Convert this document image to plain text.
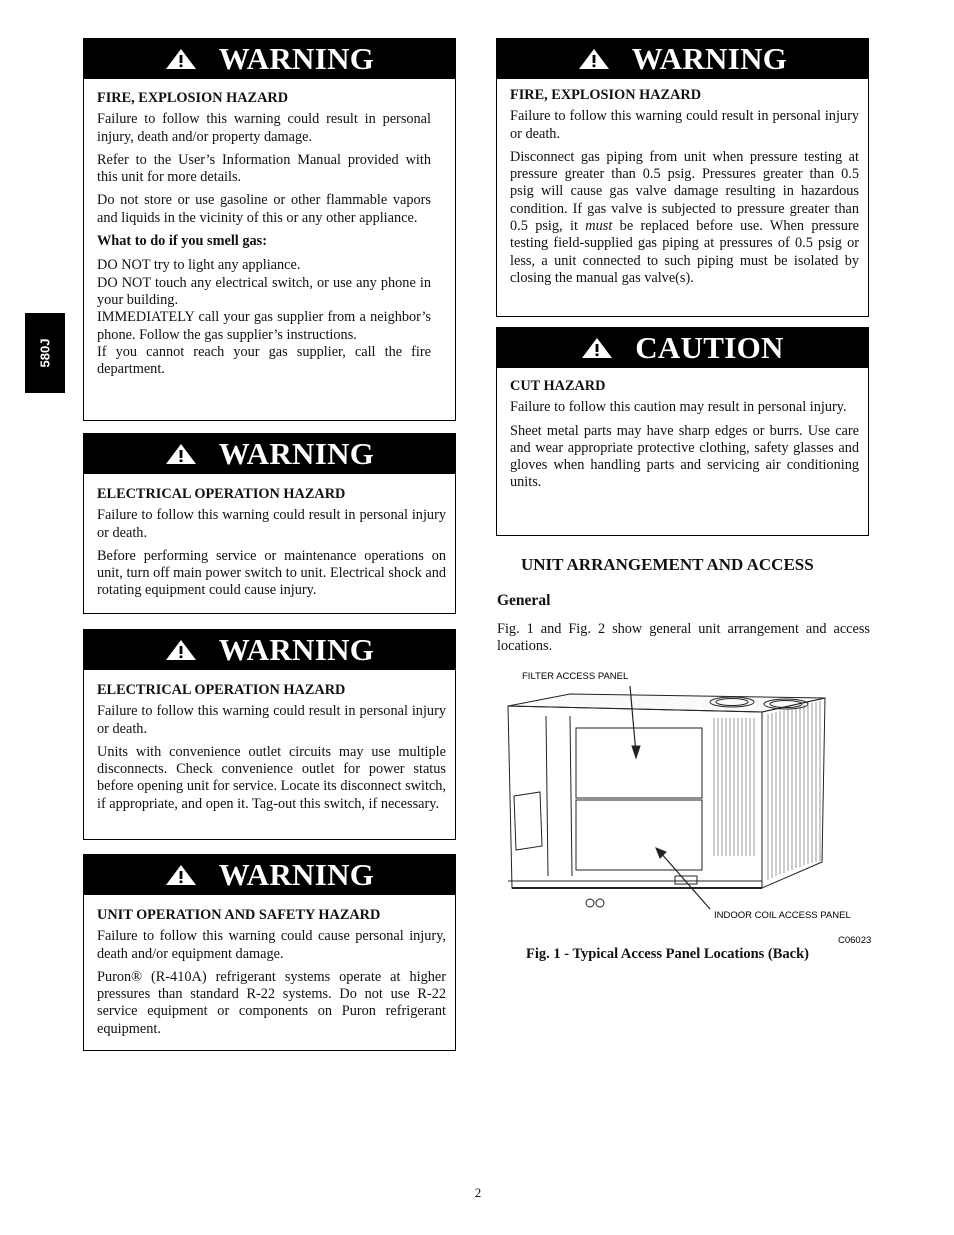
580J
WARNING

FIRE, EXPLOSION HAZARD

Failure to follow this warning could result in personal injury, death and/or property damage.

Refer to the User’s Information Manual provided with this unit for more details.

Do not store or use gasoline or other flammable vapors and liquids in the vicinity of this or any other appliance.

What to do if you smell gas:

DO NOT try to light any appliance.
DO NOT touch any electrical switch, or use any phone in your building.
IMMEDIATELY call your gas supplier from a neighbor’s phone. Follow the gas supplier’s instructions.
If you cannot reach your gas supplier, call the fire department.
WARNING

ELECTRICAL OPERATION HAZARD

Failure to follow this warning could result in personal injury or death.

Before performing service or maintenance operations on unit, turn off main power switch to unit. Electrical shock and rotating equipment could cause injury.

WARNING

ELECTRICAL OPERATION HAZARD

Failure to follow this warning could result in personal injury or death.

Units with convenience outlet circuits may use multiple disconnects. Check convenience outlet for power status before opening unit for service. Locate its disconnect switch, if appropriate, and open it. Tag-out this switch, if necessary.

WARNING

UNIT OPERATION AND SAFETY HAZARD

Failure to follow this warning could cause personal injury, death and/or equipment damage.

Puron® (R-410A) refrigerant systems operate at higher pressures than standard R-22 systems. Do not use R-22 service equipment or components on Puron refrigerant equipment.

WARNING

FIRE, EXPLOSION HAZARD

Failure to follow this warning could result in personal injury or death.

Disconnect gas piping from unit when pressure testing at pressure greater than 0.5 psig. Pressures greater than 0.5 psig will cause gas valve damage resulting in hazardous condition. If gas valve is subjected to pressure greater than 0.5 psig, it must be replaced before use. When pressure testing field-supplied gas piping at pressures of 0.5 psig or less, a unit connected to such piping must be isolated by closing the manual gas valve(s).

CAUTION

CUT HAZARD

Failure to follow this caution may result in personal injury.

Sheet metal parts may have sharp edges or burrs. Use care and wear appropriate protective clothing, safety glasses and gloves when handling parts and servicing air conditioning units.

UNIT ARRANGEMENT AND ACCESS
General
Fig. 1 and Fig. 2 show general unit arrangement and access locations.
FILTER ACCESS PANEL
INDOOR COIL ACCESS PANEL
C06023
Fig. 1 - Typical Access Panel Locations (Back)
2
